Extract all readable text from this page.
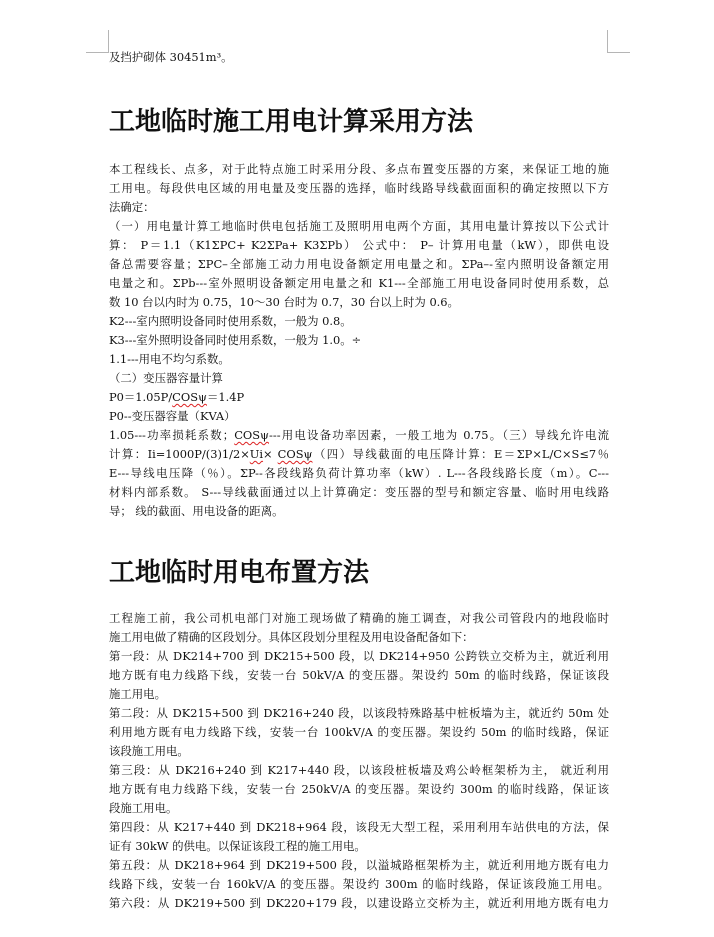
及挡护砌体 30451m³。
工地临时施工用电计算采用方法
本工程线长、点多，对于此特点施工时采用分段、多点布置变压器的方案，来保证工地的施
工用电。每段供电区域的用电量及变压器的选择，临时线路导线截面面积的确定按照以下方
法确定：
（一）用电量计算工地临时供电包括施工及照明用电两个方面，其用电量计算按以下公式计
算： P＝1.1（K1ΣPC+ K2ΣPa+ K3ΣPb） 公式中： P– 计算用电量（kW），即供电设
备总需要容量；ΣPC–全部施工动力用电设备额定用电量之和。ΣPa–-室内照明设备额定用
电量之和。ΣPb---室外照明设备额定用电量之和 K1---全部施工用电设备同时使用系数，总
数 10 台以内时为 0.75，10～30 台时为 0.7，30 台以上时为 0.6。
K2---室内照明设备同时使用系数，一般为 0.8。
K3---室外照明设备同时使用系数，一般为 1.0。÷
1.1---用电不均匀系数。
（二）变压器容量计算
P0＝1.05P/COSψ＝1.4P
P0--变压器容量（KVA）
1.05---功率损耗系数；COSψ---用电设备功率因素，一般工地为 0.75。（三）导线允许电流
计算：Ii=1000P/(3)1/2×Ui× COSψ（四）导线截面的电压降计算：E＝ΣP×L/C×S≤7％
E---导线电压降（％）。ΣP--各段线路负荷计算功率（kW）. L---各段线路长度（m）。C---
材料内部系数。 S---导线截面通过以上计算确定：变压器的型号和额定容量、临时用电线路
导； 线的截面、用电设备的距离。
工地临时用电布置方法
工程施工前，我公司机电部门对施工现场做了精确的施工调查，对我公司管段内的地段临时
施工用电做了精确的区段划分。具体区段划分里程及用电设备配备如下：
第一段：从 DK214+700 到 DK215+500 段，以 DK214+950 公跨铁立交桥为主，就近利用
地方既有电力线路下线，安装一台 50kV/A 的变压器。架设约 50m 的临时线路，保证该段
施工用电。
第二段：从 DK215+500 到 DK216+240 段，以该段特殊路基中桩板墙为主，就近约 50m 处
利用地方既有电力线路下线，安装一台 100kV/A 的变压器。架设约 50m 的临时线路，保证
该段施工用电。
第三段：从 DK216+240 到 K217+440 段，以该段桩板墙及鸡公岭框架桥为主， 就近利用
地方既有电力线路下线，安装一台 250kV/A 的变压器。架设约 300m 的临时线路，保证该
段施工用电。
第四段：从 K217+440 到 DK218+964 段，该段无大型工程，采用利用车站供电的方法，保
证有 30kW 的供电。以保证该段工程的施工用电。
第五段：从 DK218+964 到 DK219+500 段，以溢城路框架桥为主，就近利用地方既有电力
线路下线，安装一台 160kV/A 的变压器。架设约 300m 的临时线路，保证该段施工用电。
第六段：从 DK219+500 到 DK220+179 段，以建设路立交桥为主，就近利用地方既有电力
